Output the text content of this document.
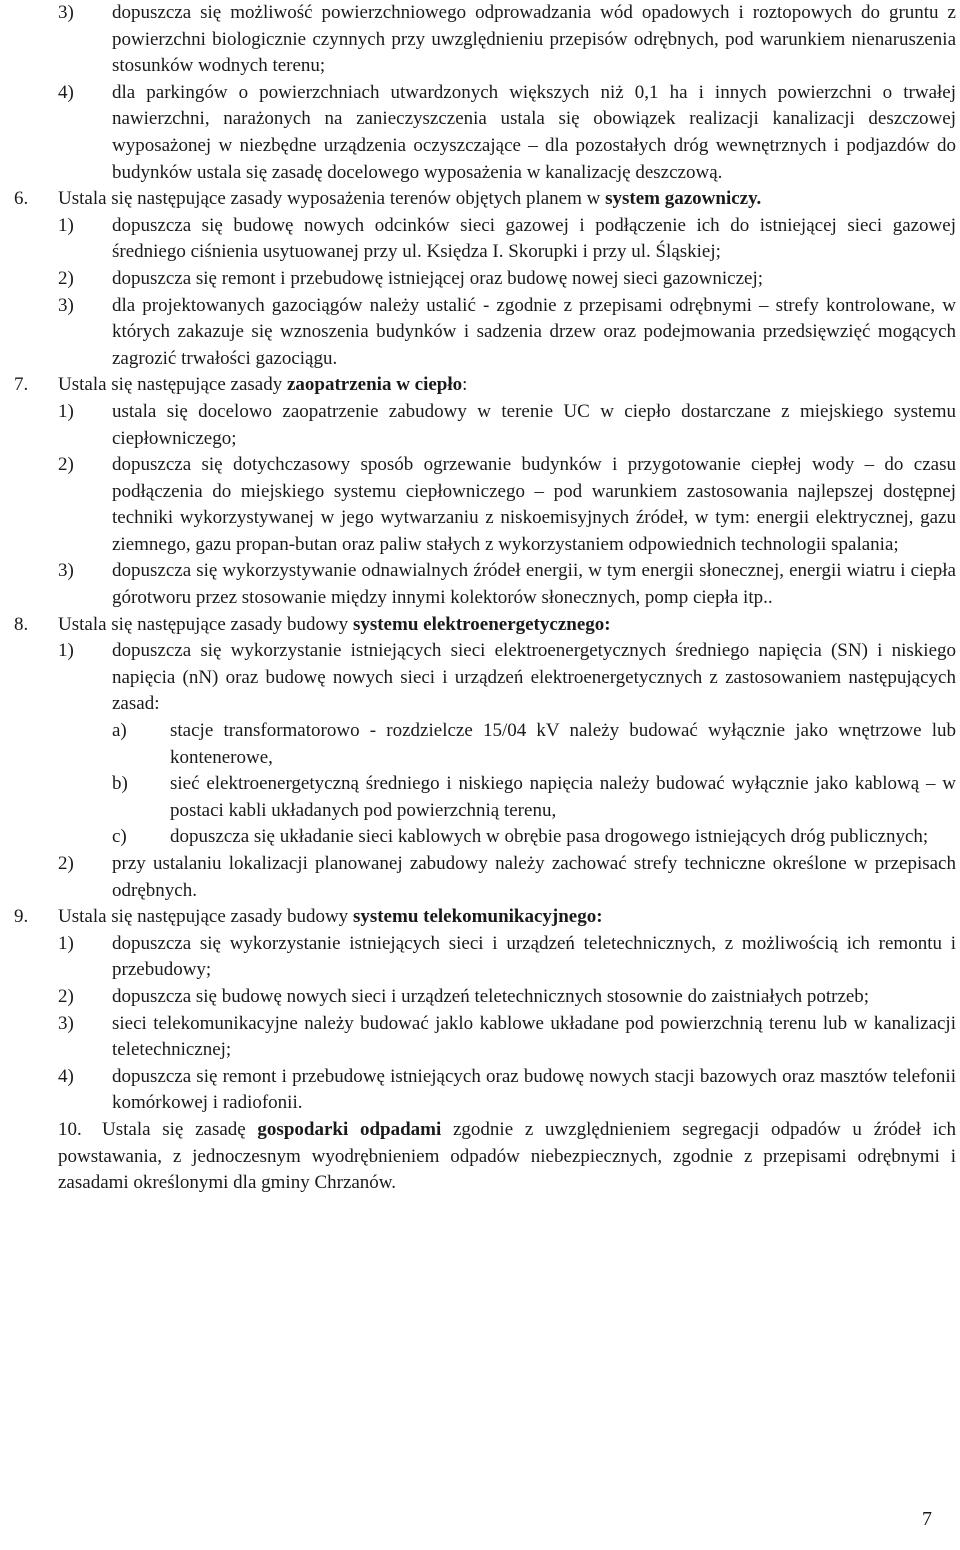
3) dopuszcza się możliwość powierzchniowego odprowadzania wód opadowych i roztopowych do gruntu z powierzchni biologicznie czynnych przy uwzględnieniu przepisów odrębnych, pod warunkiem nienaruszenia stosunków wodnych terenu;
4) dla parkingów o powierzchniach utwardzonych większych niż 0,1 ha i innych powierzchni o trwałej nawierzchni, narażonych na zanieczyszczenia ustala się obowiązek realizacji kanalizacji deszczowej wyposażonej w niezbędne urządzenia oczyszczające – dla pozostałych dróg wewnętrznych i podjazdów do budynków ustala się zasadę docelowego wyposażenia w kanalizację deszczową.
6. Ustala się następujące zasady wyposażenia terenów objętych planem w system gazowniczy.
1) dopuszcza się budowę nowych odcinków sieci gazowej i podłączenie ich do istniejącej sieci gazowej średniego ciśnienia usytuowanej przy ul. Księdza I. Skorupki i przy ul. Śląskiej;
2) dopuszcza się remont i przebudowę istniejącej oraz budowę nowej sieci gazowniczej;
3) dla projektowanych gazociągów należy ustalić - zgodnie z przepisami odrębnymi – strefy kontrolowane, w których zakazuje się wznoszenia budynków i sadzenia drzew oraz podejmowania przedsięwzięć mogących zagrozić trwałości gazociągu.
7. Ustala się następujące zasady zaopatrzenia w ciepło:
1) ustala się docelowo zaopatrzenie zabudowy w terenie UC w ciepło dostarczane z miejskiego systemu ciepłowniczego;
2) dopuszcza się dotychczasowy sposób ogrzewanie budynków i przygotowanie ciepłej wody – do czasu podłączenia do miejskiego systemu ciepłowniczego – pod warunkiem zastosowania najlepszej dostępnej techniki wykorzystywanej w jego wytwarzaniu z niskoemisyjnych źródeł, w tym: energii elektrycznej, gazu ziemnego, gazu propan-butan oraz paliw stałych z wykorzystaniem odpowiednich technologii spalania;
3) dopuszcza się wykorzystywanie odnawialnych źródeł energii, w tym energii słonecznej, energii wiatru i ciepła górotworu przez stosowanie między innymi kolektorów słonecznych, pomp ciepła itp..
8. Ustala się następujące zasady budowy systemu elektroenergetycznego:
1) dopuszcza się wykorzystanie istniejących sieci elektroenergetycznych średniego napięcia (SN) i niskiego napięcia (nN) oraz budowę nowych sieci i urządzeń elektroenergetycznych z zastosowaniem następujących zasad:
a) stacje transformatorowo - rozdzielcze 15/04 kV należy budować wyłącznie jako wnętrzowe lub kontenerowe,
b) sieć elektroenergetyczną średniego i niskiego napięcia należy budować wyłącznie jako kablową – w postaci kabli układanych pod powierzchnią terenu,
c) dopuszcza się układanie sieci kablowych w obrębie pasa drogowego istniejących dróg publicznych;
2) przy ustalaniu lokalizacji planowanej zabudowy należy zachować strefy techniczne określone w przepisach odrębnych.
9. Ustala się następujące zasady budowy systemu telekomunikacyjnego:
1) dopuszcza się wykorzystanie istniejących sieci i urządzeń teletechnicznych, z możliwością ich remontu i przebudowy;
2) dopuszcza się budowę nowych sieci i urządzeń teletechnicznych stosownie do zaistniałych potrzeb;
3) sieci telekomunikacyjne należy budować jaklo kablowe układane pod powierzchnią terenu lub w kanalizacji teletechnicznej;
4) dopuszcza się remont i przebudowę istniejących oraz budowę nowych stacji bazowych oraz masztów telefonii komórkowej i radiofonii.
10. Ustala się zasadę gospodarki odpadami zgodnie z uwzględnieniem segregacji odpadów u źródeł ich powstawania, z jednoczesnym wyodrębnieniem odpadów niebezpiecznych, zgodnie z przepisami odrębnymi i zasadami określonymi dla gminy Chrzanów.
7
